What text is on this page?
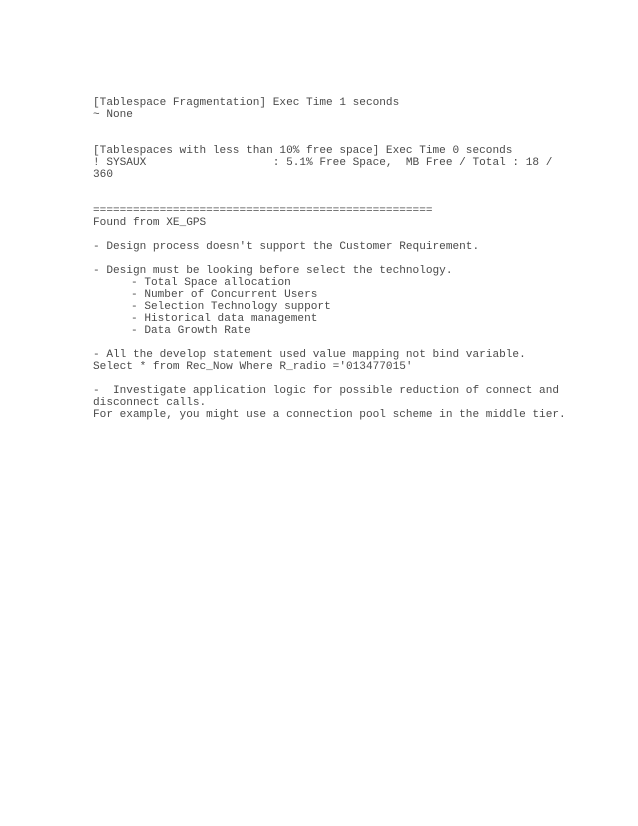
[Tablespace Fragmentation] Exec Time 1 seconds
~ None
[Tablespaces with less than 10% free space] Exec Time 0 seconds
! SYSAUX                   : 5.1% Free Space,  MB Free / Total : 18 /
360
===================================================
Found from XE_GPS
- Design process doesn't support the Customer Requirement.
- Design must be looking before select the technology.
- Total Space allocation
- Number of Concurrent Users
- Selection Technology support
- Historical data management
- Data Growth Rate
- All the develop statement used value mapping not bind variable.
Select * from Rec_Now Where R_radio ='013477015'
-  Investigate application logic for possible reduction of connect and
disconnect calls.
For example, you might use a connection pool scheme in the middle tier.
